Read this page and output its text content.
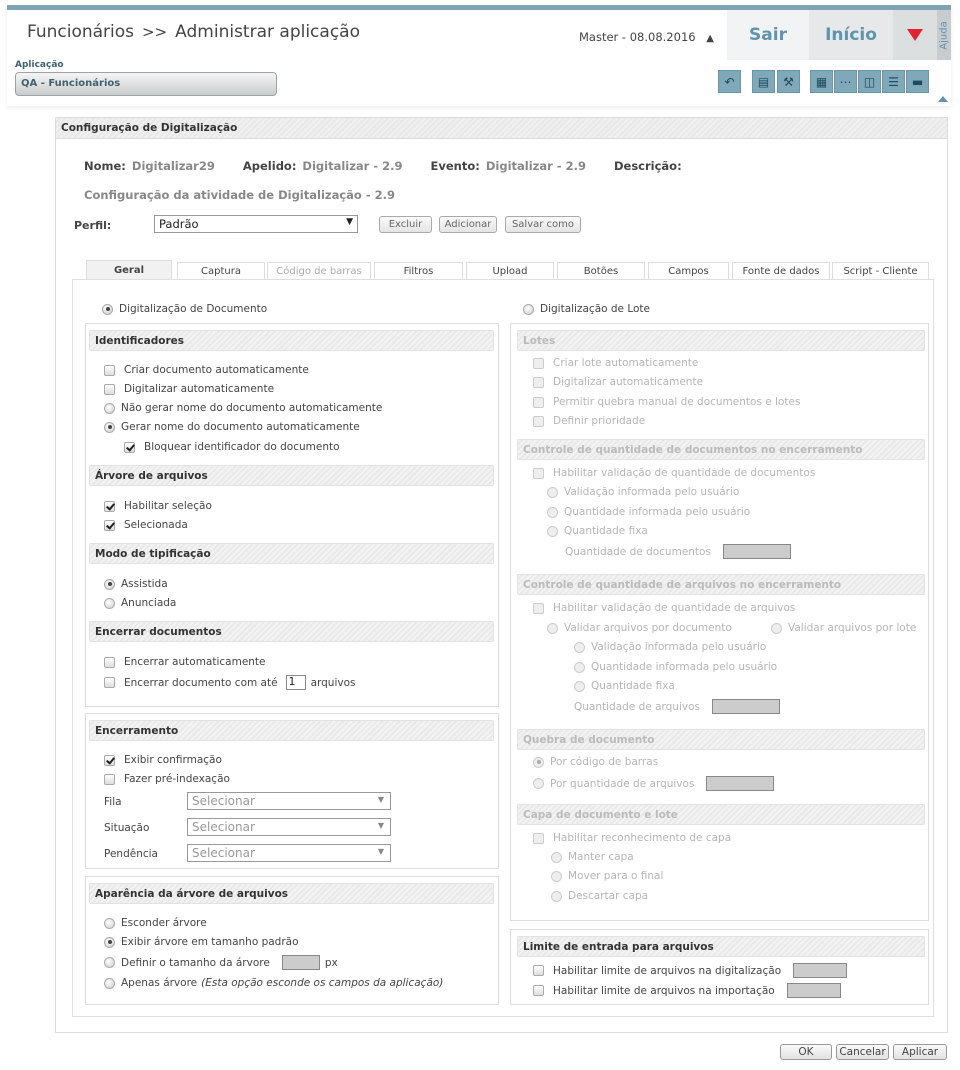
Funcionários >> Administrar aplicação	Master - 08.08.2016 ▲	Sair	Início	Ajuda
Aplicação
QA - Funcionários	↶	▤	⚒	▦	⋯	◫	☰	▬
Configuração de Digitalização
Nome: Digitalizar29 Apelido: Digitalizar - 2.9 Evento: Digitalizar - 2.9 Descrição:
Configuração da atividade de Digitalização - 2.9
Perfil:	Padrão	▼	Excluir	Adicionar	Salvar como
Geral	Captura	Código de barras	Filtros	Upload	Botões	Campos	Fonte de dados	Script - Cliente
Digitalização de Documento	Digitalização de Lote
Identificadores
Criar documento automaticamente
Digitalizar automaticamente
Não gerar nome do documento automaticamente
Gerar nome do documento automaticamente
Bloquear identificador do documento
Árvore de arquivos
Habilitar seleção
Selecionada
Modo de tipificação
Assistida
Anunciada
Encerrar documentos
Encerrar automaticamente
Encerrar documento com até 1	arquivos
Encerramento
Exibir confirmação
Fazer pré-indexação
Fila	Selecionar	▼
Situação	Selecionar	▼
Pendência	Selecionar	▼
Aparência da árvore de arquivos
Esconder árvore
Exibir árvore em tamanho padrão
Definir o tamanho da árvore	px
Apenas árvore (Esta opção esconde os campos da aplicação)
Lotes
Criar lote automaticamente
Digitalizar automaticamente
Permitir quebra manual de documentos e lotes
Definir prioridade
Controle de quantidade de documentos no encerramento
Habilitar validação de quantidade de documentos
Validação informada pelo usuário
Quantidade informada pelo usuário
Quantidade fixa
Quantidade de documentos
Controle de quantidade de arquivos no encerramento
Habilitar validação de quantidade de arquivos
Validar arquivos por documento	Validar arquivos por lote
Validação informada pelo usuário
Quantidade informada pelo usuário
Quantidade fixa
Quantidade de arquivos
Quebra de documento
Por código de barras
Por quantidade de arquivos
Capa de documento e lote
Habilitar reconhecimento de capa
Manter capa
Mover para o final
Descartar capa
Limite de entrada para arquivos
Habilitar limite de arquivos na digitalização
Habilitar limite de arquivos na importação
OK	Cancelar	Aplicar
